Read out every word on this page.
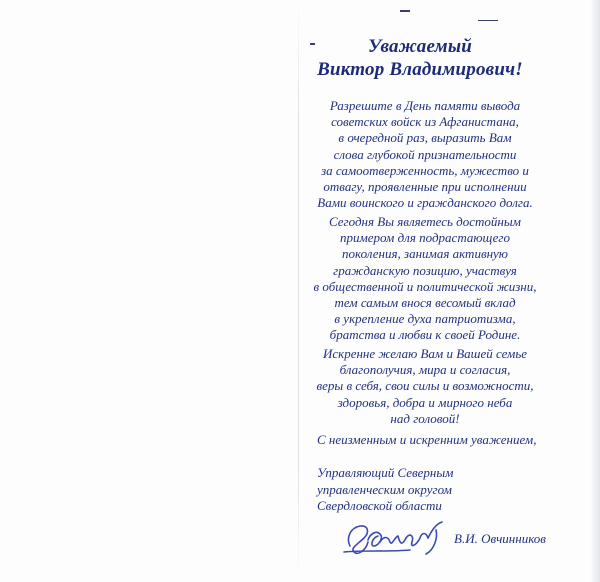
Уважаемый
Виктор Владимирович!
Разрешите в День памяти вывода
советских войск из Афганистана,
в очередной раз, выразить Вам
слова глубокой признательности
за самоотверженность, мужество и
отвагу, проявленные при исполнении
Вами воинского и гражданского долга.
Сегодня Вы являетесь достойным
примером для подрастающего
поколения, занимая активную
гражданскую позицию, участвуя
в общественной и политической жизни,
тем самым внося весомый вклад
в укрепление духа патриотизма,
братства и любви к своей Родине.
Искренне желаю Вам и Вашей семье
благополучия, мира и согласия,
веры в себя, свои силы и возможности,
здоровья, добра и мирного неба
над головой!
С неизменным и искренним уважением,
Управляющий Северным
управленческим округом
Свердловской области
В.И. Овчинников
